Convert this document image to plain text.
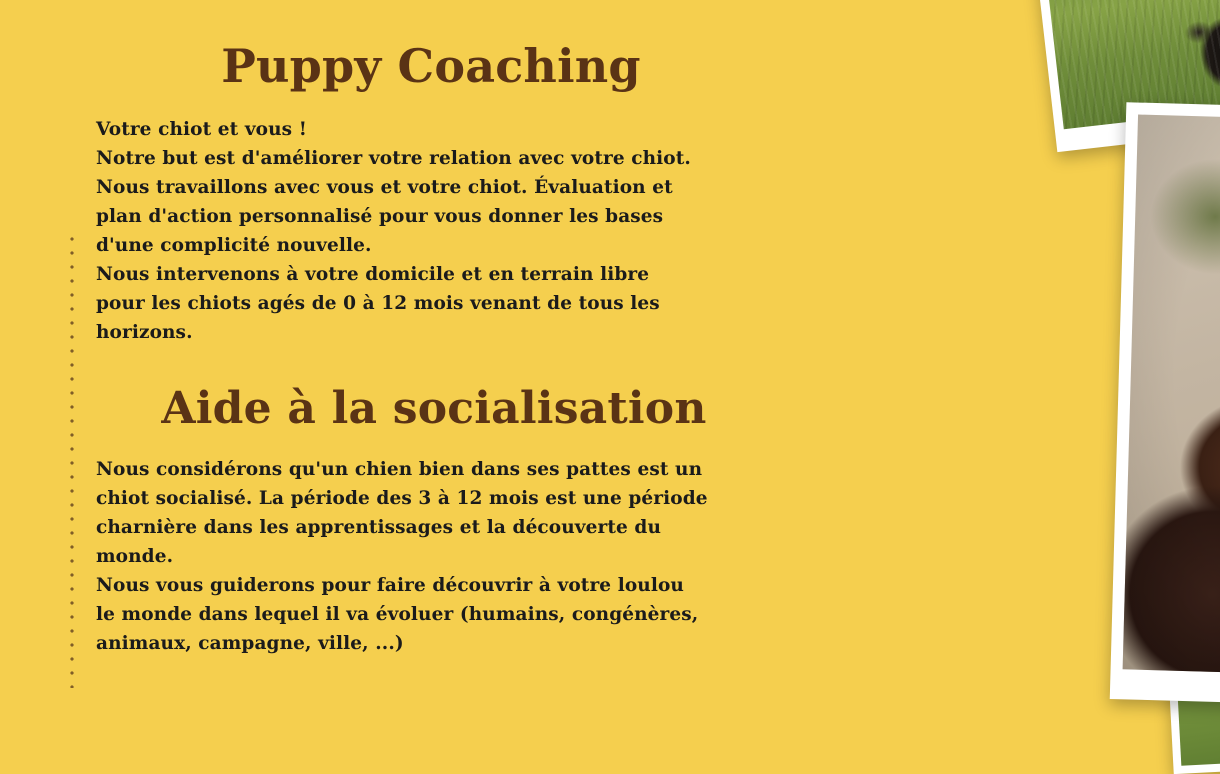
Puppy Coaching

Votre chiot et vous !

Notre but est d'améliorer votre relation avec votre chiot.

Nous travaillons avec vous et votre chiot. Évaluation et

plan d'action personnalisé pour vous donner les bases

d'une complicité nouvelle.

Nous intervenons à votre domicile et en terrain libre

pour les chiots agés de 0 à 12 mois venant de tous les

horizons.

Aide à la socialisation

Nous considérons qu'un chien bien dans ses pattes est un

chiot socialisé. La période des 3 à 12 mois est une période

charnière dans les apprentissages et la découverte du

monde.

Nous vous guiderons pour faire découvrir à votre loulou

le monde dans lequel il va évoluer (humains, congénères,

animaux, campagne, ville, ...)
